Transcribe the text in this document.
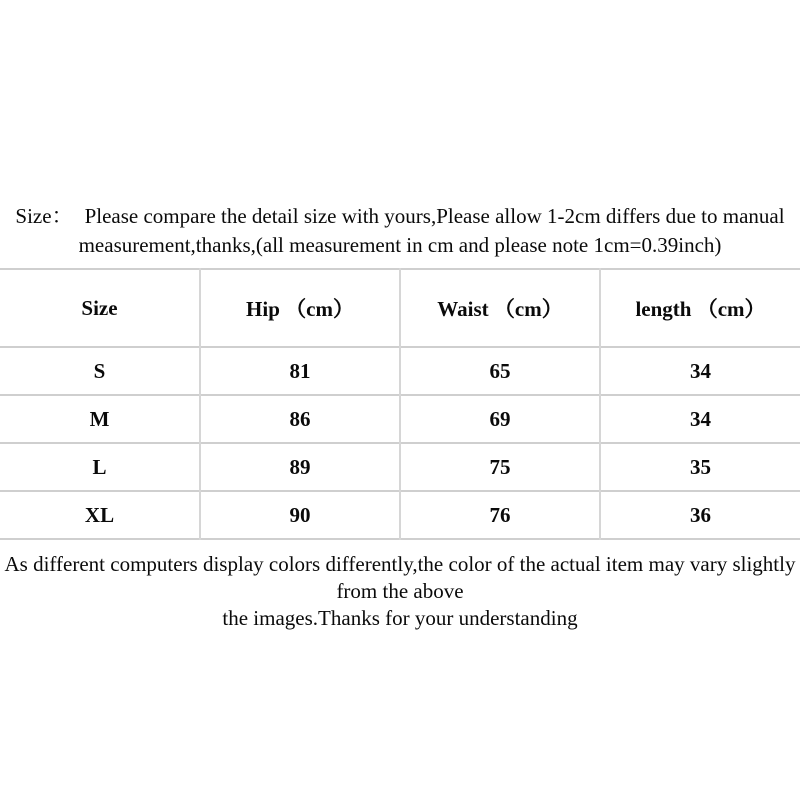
Size： Please compare the detail size with yours,Please allow 1-2cm differs due to manual
measurement,thanks,(all measurement in cm and please note 1cm=0.39inch)
Size	Hip （cm）	Waist （cm）	length （cm）
S	81	65	34
M	86	69	34
L	89	75	35
XL	90	76	36
As different computers display colors differently,the color of the actual item may vary slightly from the above
the images.Thanks for your understanding
